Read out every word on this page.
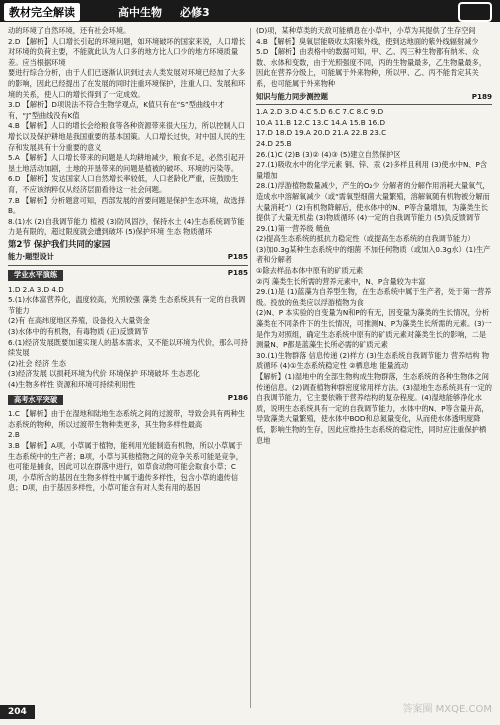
教材完全解读	高中生物 必修3

动的环境了自然环境，还有社会环境。

2.D 【解析】人口增长引起的环境问题，如环境破坏的国家来说，人口增长对环境的负荷主要，不能就此认为人口多的地方比人口少的地方环境质量差。应当根据环境

要进行综合分析，由于人们已逐渐认识到过去人类发展对环境已经加了大多的影响，因此已经提出了在发展的同时注重环境保护，注重人口、发展和环境的关系，使人口的增长得到了一定成效。

3.D 【解析】D项说法不符合生物学观点，K值只有在“S”型曲线中才有，“J”型曲线没有K值

4.B 【解析】人口的增长会给粮食等各种资源带来很大压力，所以控制人口增长以及保护耕地是我国重要的基本国策。人口增长过快，对中国人民的生存和发展具有十分重要的意义

5.A 【解析】人口增长带来的问题是人均耕地减少，粮食不足，必然引起开垦土地活动加剧，土地的开垦带来的问题是植被的破坏、环境的污染等。

6.D 【解析】发达国家人口自然增长率较低，人口老龄化严重，应鼓励生育，不应该纳粹仅从经济层面看待这一社会问题。

7.B 【解析】分析题意可知，西部发展的首要问题是保护生态环境，故选择B。

8.(1)水 (2)自我调节能力 植被 (3)防风固沙，保持水土 (4)生态系统调节能力是有限的，超过限度就会遭到破坏 (5)保护环境 生态 物质循环

第2节 保护我们共同的家园
能力·题型设计	P185
学业水平演练	P185

1.D 2.A 3.D 4.D

5.(1)水体富营养化，温度较高，光照较强 藻类 生态系统具有一定的自我调节能力

(2)有 在高纬度地区养殖，设备投入大量资金

(3)水体中的有机物，有毒物质 (正)反馈调节

6.(1)经济发展既要加速实现人的基本需求，又不能以环境为代价，那么可持续发展

(2)社会 经济 生态

(3)经济发展 以损耗环境为代价 环境保护 环境破坏 生态恶化

(4)生物多样性 资源和环境可持续利用性

高考水平突破	P186

1.C 【解析】由于在湿地和陆地生态系统之间的过渡带，导致会具有两种生态系统的物种，所以过渡带生物种类更多，其生物多样性最高

2.B

3.B 【解析】A项，小草属于植物，能利用光能制造有机物，所以小草属于生态系统中的生产者；B项，小草与其他植物之间的竞争关系可能是竞争，也可能是捕食，因此可以在群落中进行，如草食动物可能会取食小草；C项，小草所含的基因在生物多样性中属于遗传多样性，包含小草的遗传信息；D项，由于基因多样性，小草可能含有对人类有用的基因

(D)项，某种草类的天敌可能栖息在小草中，小草为其提供了生存空间

4.B 【解析】臭氧层能吸收太阳紫外线，使到达地面的紫外线辐射减少

5.D 【解析】由表格中的数据可知，甲、乙、丙三种生物都有纳米、众数、水体和变数，由于光照强度不同，丙的生物量最多，乙生物量最多，因此在营养分级上，可能属于外来物种，所以甲、乙、丙不能肯定其关系，也可能属于外来物种

知识与能力同步测控题	P189

1.A 2.D 3.D 4.C 5.D 6.C 7.C 8.C 9.D

10.A 11.B 12.C 13.C 14.A 15.B 16.D

17.D 18.D 19.A 20.D 21.A 22.B 23.C

24.D 25.B

26.(1)C (2)B (3)② (4)③ (5)建立自然保护区

27.(1)吸收水中的化学元素 铜、锌、汞 (2)多样且利用 (3)使水中N、P含量增加

28.(1)浮游植物数量减少，产生的O₂少 分解者的分解作用消耗大量氧气，造成水中溶解氧减少（或“需氧型细菌大量繁殖，溶解氧随有机物被分解而大量消耗”）(2)有机物降解后，使水体中的N、P等含量增加，为藻类生长提供了大量无机盐 (3)物质循环 (4)一定的自我调节能力 (5)负反馈调节

29.(1)第一营养级 鲢鱼

(2)提高生态系统的抵抗力稳定性（或提高生态系统的自我调节能力）

(3)加0.3g某种生态系统中的细菌 不加任何物质（或加入0.3g水）(1)生产者和分解者

①除去样品本体中原有的矿质元素

②丙 藻类生长所需的营养元素中，N、P含量较为丰富

29.(1)是 (1)蓝藻为自养型生物，在生态系统中属于生产者，处于第一营养级。投放的鱼类应以浮游植物为食

(2)N、P 本实验的自变量为N和P的有无，因变量为藻类的生长情况，分析藻类在不同条件下的生长情况，可推测N、P为藻类生长所需的元素。(3)一是作为对照组，确定生态系统中原有的矿质元素对藻类生长的影响，二是测量N、P都是蓝藻生长所必需的矿质元素

30.(1)生物群落 信息传递 (2)样方 (3)生态系统自我调节能力 营养结构 物质循环 (4)①生态系统稳定性 ②栖息地 能量流动

【解析】(1)湿地中的全部生物构成生物群落，生态系统的各种生物体之间传递信息。(2)调查植物种群密度常用样方法。(3)湿地生态系统具有一定的自我调节能力，它主要依赖于营养结构的复杂程度。(4)湿地能够净化水质，说明生态系统具有一定的自我调节能力，水体中的N、P等含量升高，导致藻类大量繁殖，使水体中BOD和总氮量变化，从而使水体透明度降低，影响生物的生存，因此应维持生态系统的稳定性，同时应注重保护栖息地

204	答案圈 MXQE.COM
